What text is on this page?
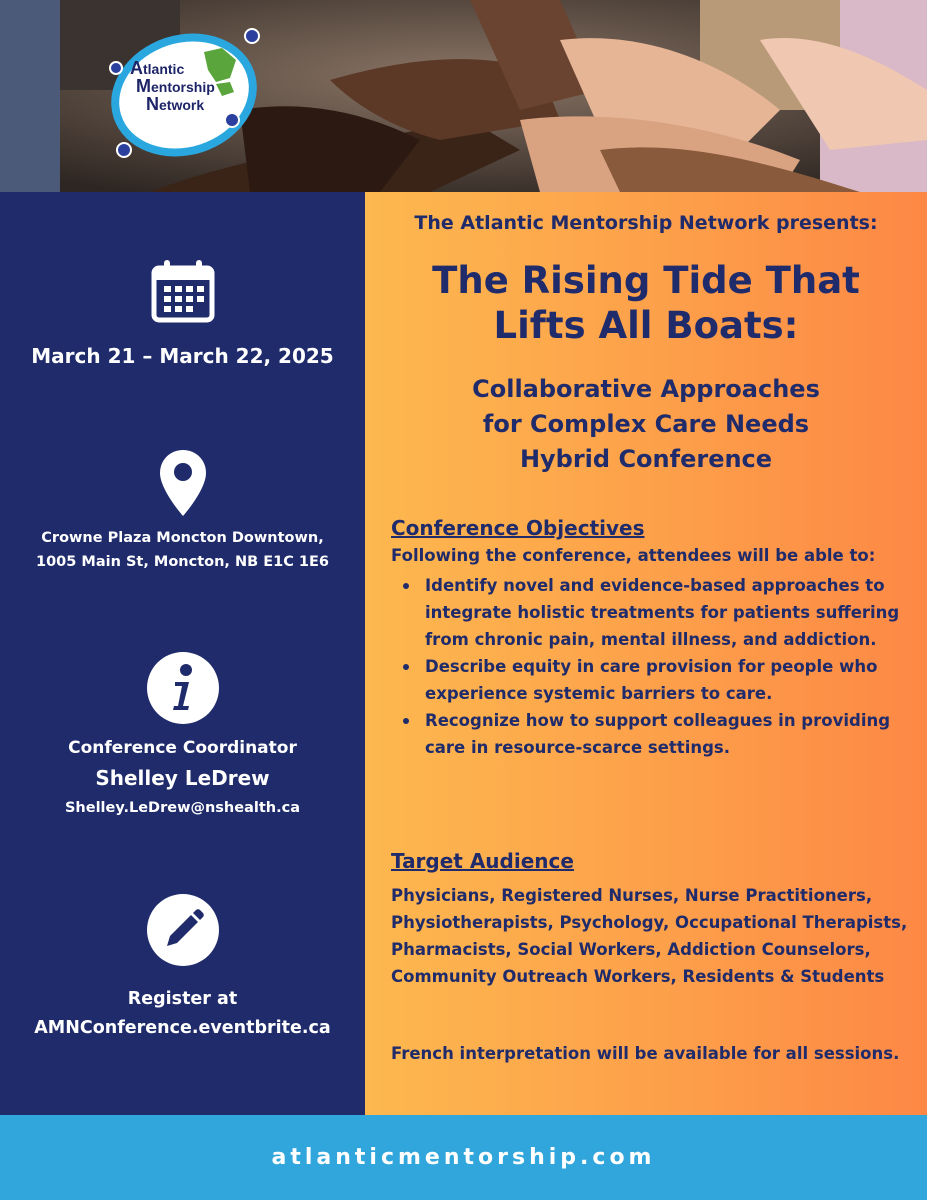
Atlantic
Mentorship
Network
March 21 – March 22, 2025
Crowne Plaza Moncton Downtown,
1005 Main St, Moncton, NB E1C 1E6
Conference Coordinator
Shelley LeDrew
Shelley.LeDrew@nshealth.ca
Register at
AMNConference.eventbrite.ca
The Atlantic Mentorship Network presents:
The Rising Tide That
Lifts All Boats:
Collaborative Approaches
for Complex Care Needs
Hybrid Conference
Conference Objectives
Following the conference, attendees will be able to:
Identify novel and evidence-based approaches to integrate holistic treatments for patients suffering from chronic pain, mental illness, and addiction.
Describe equity in care provision for people who experience systemic barriers to care.
Recognize how to support colleagues in providing care in resource-scarce settings.
Target Audience
Physicians, Registered Nurses, Nurse Practitioners, Physiotherapists, Psychology, Occupational Therapists, Pharmacists, Social Workers, Addiction Counselors, Community Outreach Workers, Residents & Students
French interpretation will be available for all sessions.
atlanticmentorship.com
